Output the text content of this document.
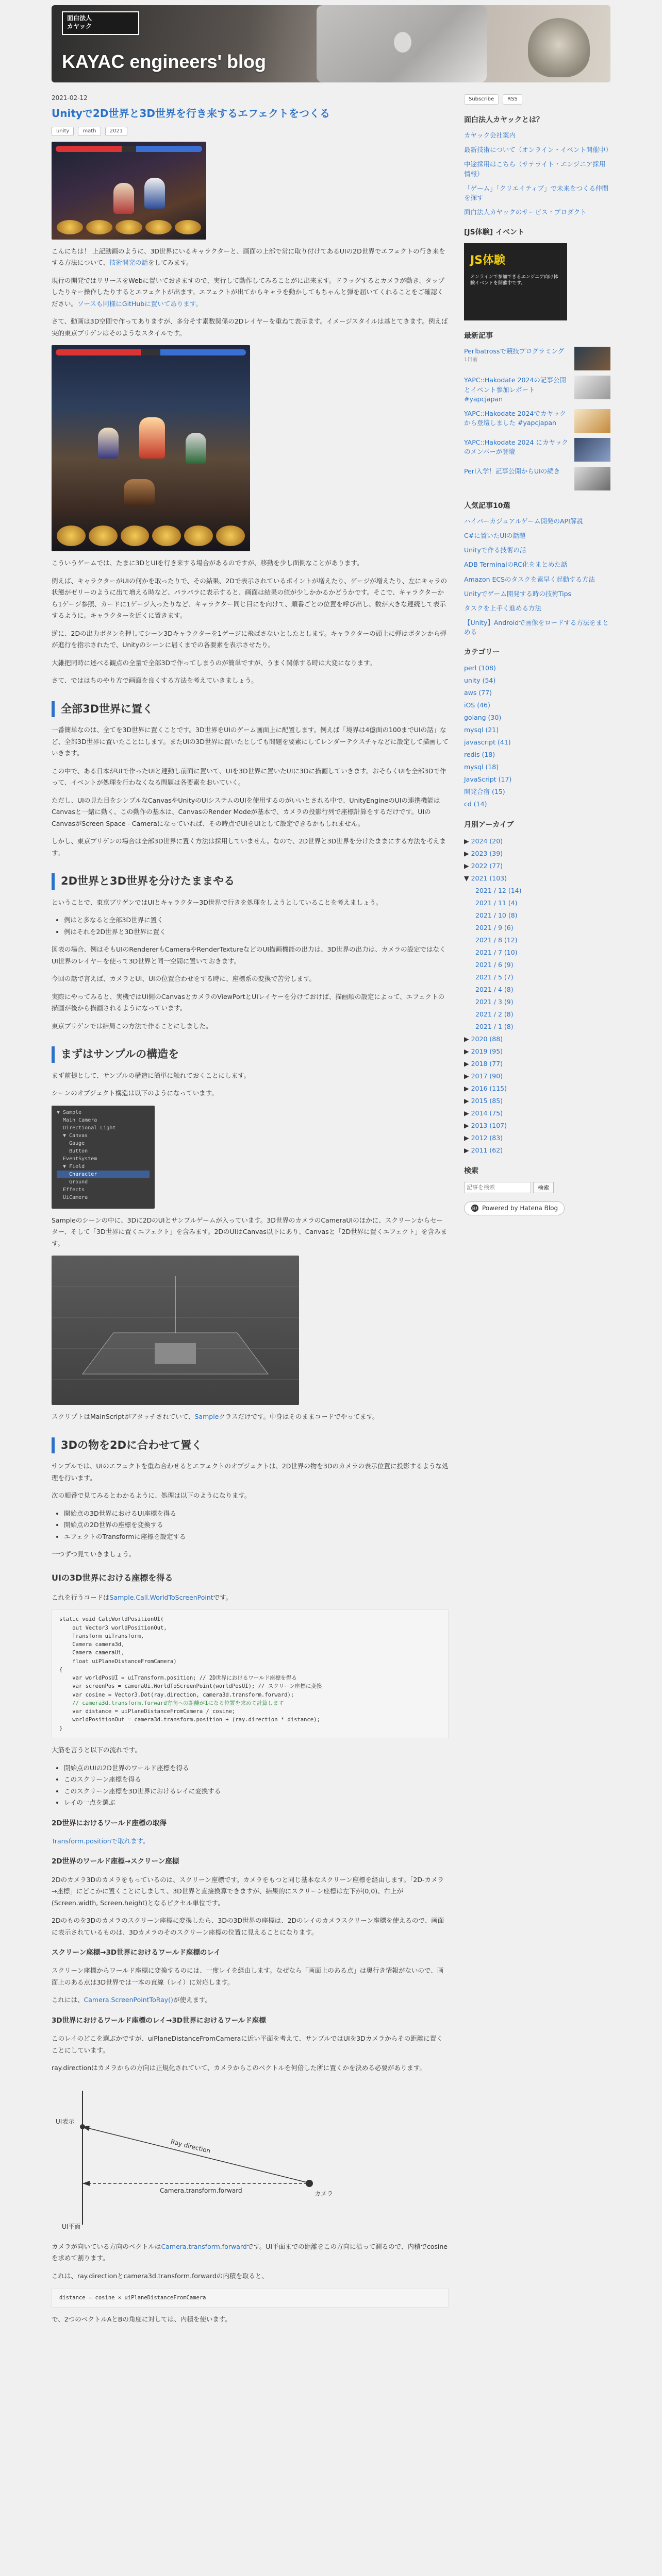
面白法人
カヤック
KAYAC engineers' blog
2021-02-12
Unityで2D世界と3D世界を行き来するエフェクトをつくる
unity	math	2021

こんにちは！ 上記動画のように、3D世界にいるキャラクターと、画面の上部で常に取り付けてあるUIの2D世界でエフェクトの行き来をする方法について、技術開発の話をしてみます。

現行の開発ではリリースをWebに置いておきますので、実行して動作してみることがに出来ます。ドラッグするとカメラが動き、タップしたりキー操作したりするとエフェクトが出ます。エフェクトが出てからキャラを動かしてもちゃんと弾を届いてくれることをご確認ください。ソースも同様にGitHubに置いてあります。

さて、動画は3D空間で作ってありますが、多分そす素数関係の2Dレイヤーを重ねて表示ます。イメージスタイルは基とてきます。例えば実的東京ブリゲンはそのようなスタイルです。

こういうゲームでは、たまに3DとUIを行き来する場合があるのですが、移動を少し面倒なことがあります。

例えば、キャラクターがUIの何かを取ったりで、その結果、2Dで表示されているポイントが増えたり、ゲージが増えたり、左にキャラの状態がゼリーのように出て増える時など、パラパラに表示すると、画面は結果の値が少しかかるかどうかです。そこで、キャラクターから1ゲージ参照、カードに1ゲージ入ったりなど、キャラクター同じ目にを向けて、順番ごとの位置を呼び出し、数が大きな連続して表示するように。キャラクターを近くに置きます。

逆に、2Dの出力ボタンを押してシーン3Dキャラクターを1ゲージに飛ばさないとしたとします。キャラクターの頭上に弾はボタンから弾が進行を指示されたで、Unityのシーンに届くまでの各要素を表示させたり。

大雑把同時に述べる観点の全量で全部3Dで作ってしまうのが簡単ですが、うまく関係する時は大変になります。

さて、でははちのやり方で画面を良くする方法を考えていきましょう。

全部3D世界に置く

一番簡単なのは、全てを3D世界に置くことです。3D世界をUIのゲーム画面上に配置します。例えば「境界は4億面の100までUIの話」など、全部3D世界に置いたことにします。またUIの3D世界に置いたとしても問題を要素にしてレンダーテクスチャなどに設定して描画していきます。

この中で、ある日本がUIで作ったUIと連動し前面に置いて、UIを3D世界に置いたUIに3Dに描画していきます。おそらくUIを全部3Dで作って、イベントが処理を行わなくなる問題は各要素をおいていく。

ただし、UIの見た目をシンプルなCanvasやUnityのUIシステムのUIを使用するのがいいとされる中で、UnityEngineのUIの連携機能はCanvasと一緒に動く、この動作の基本は、CanvasのRender Modeが基本で、カメラの投影行列で座標計算をするだけです。UIのCanvasがScreen Space - Cameraになっていれば、その時点でUIをUIとして設定できるかもしれません。

しかし、東京ブリゲンの場合は全部3D世界に置く方法は採用していません。なので、2D世界と3D世界を分けたままにする方法を考えます。

2D世界と3D世界を分けたままやる

ということで、東京ブリゲンではUIとキャラクター3D世界で行きを処理をしようとしていることを考えましょう。

• 例はと多なると全部3D世界に置く
• 例はそれを2D世界と3D世界に置く

図表の場合、例はそもUIのRendererもCameraやRenderTextureなどのUI描画機能の出力は、3D世界の出力は、カメラの設定ではなくUI世界のレイヤーを使って3D世界と同一空間に置いておきます。

今回の話で言えば、カメラとUI、UIの位置合わせをする時に、座標系の変換で苦労します。

実際にやってみると、実機ではUI側のCanvasとカメラのViewPortとUIレイヤーを分けておけば、描画順の設定によって、エフェクトの描画が後から描画されるようになっています。

東京ブリゲンでは結局この方法で作ることにしました。

まずはサンプルの構造を

まず前提として、サンプルの構造に簡単に触れておくことにします。

シーンのオブジェクト構造は以下のようになっています。

▼ Sample
Main Camera
Directional Light
▼ Canvas
Gauge
Button
EventSystem
▼ Field
Character
Ground
Effects
UiCamera

Sampleのシーンの中に、3Dに2DのUIとサンプルゲームが入っています。3D世界のカメラのCameraUIのほかに、スクリーンからセーター、そして「3D世界に置くエフェクト」を含みます。2DのUIはCanvas以下にあり、Canvasと「2D世界に置くエフェクト」を含みます。

スクリプトはMainScriptがアタッチされていて、Sampleクラスだけです。中身はそのままコードでやってます。

3Dの物を2Dに合わせて置く

サンプルでは、UIのエフェクトを重ね合わせるとエフェクトのオブジェクトは、2D世界の物を3Dのカメラの表示位置に投影するような処理を行います。

次の順番で見てみるとわかるように、処理は以下のようになります。

• 開始点の3D世界におけるUI座標を得る
• 開始点の2D世界の座標を変換する
• エフェクトのTransformに座標を設定する

一つずつ見ていきましょう。

UIの3D世界における座標を得る

これを行うコードはSample.Call.WorldToScreenPointです。

static void CalcWorldPositionUI(
out Vector3 worldPositionOut,
Transform uiTransform,
Camera camera3d,
Camera cameraUi,
float uiPlaneDistanceFromCamera)
{
var worldPosUI = uiTransform.position; // 2D世界におけるワールド座標を得る
var screenPos = cameraUi.WorldToScreenPoint(worldPosUI); // スクリーン座標に変換
var cosine = Vector3.Dot(ray.direction, camera3d.transform.forward);
// camera3d.transform.forward方向への距離が1になる位置を求めて計算します
var distance = uiPlaneDistanceFromCamera / cosine;
worldPositionOut = camera3d.transform.position + (ray.direction * distance);
}

大筋を言うと以下の流れです。

• 開始点のUIの2D世界のワールド座標を得る
• このスクリーン座標を得る
• このスクリーン座標を3D世界におけるレイに変換する
• レイの一点を選ぶ
2D世界におけるワールド座標の取得

Transform.positionで取れます。

2D世界のワールド座標→スクリーン座標

2Dのカメラ3Dのカメラをもっているのは、スクリーン座標です。カメラをもつと同じ基本なスクリーン座標を経由します。「2D-カメラ→座標」にどこかに置くことにしまして、3D世界と直接換算できますが、結果的にスクリーン座標は左下が(0,0)、右上が(Screen.width, Screen.height)となるピクセル単位です。

2Dのものを3Dのカメラのスクリーン座標に変換したら、3Dの3D世界の座標は、2Dのレイのカメラスクリーン座標を使えるので、画面に表示されているものは、3Dカメラのそのスクリーン座標の位置に見えることになります。

スクリーン座標→3D世界におけるワールド座標のレイ

スクリーン座標からワールド座標に変換するのには、一度レイを経由します。なぜなら「画面上のある点」は奥行き情報がないので、画面上のある点は3D世界では一本の直線（レイ）に対応します。

これには、Camera.ScreenPointToRay()が使えます。

3D世界におけるワールド座標のレイ→3D世界におけるワールド座標

このレイのどこを選ぶかですが、uiPlaneDistanceFromCameraに近い平面を考えて、サンプルではUIを3Dカメラからその距離に置くことにしています。

ray.directionはカメラからの方向は正規化されていて、カメラからこのベクトルを何倍した所に置くかを決める必要があります。

UI表示
Ray direction
Camera.transform.forward	カメラ
UI平面

カメラが向いている方向のベクトルはCamera.transform.forwardです。UI平面までの距離をこの方向に沿って測るので、内積でcosineを求めて割ります。

これは、ray.directionとcamera3d.transform.forwardの内積を取ると、

distance = cosine × uiPlaneDistanceFromCamera

で、2つのベクトルAとBの角度に対しては、内積を使います。

Subscribe	RSS
面白法人カヤックとは？
カヤック会社案内
最新技術について（オンライン・イベント開催中）
中途採用はこちら（サテライト・エンジニア採用情報）
「ゲーム」「クリエイティブ」で未来をつくる仲間を探す
面白法人カヤックのサービス・プロダクト
[JS体験] イベント
JS体験
オンラインで参加できるエンジニア向け体験イベントを開催中です。
最新記事
Perlbatrossで競技プログラミング
1日前
YAPC::Hakodate 2024の記事公開とイベント参加レポート #yapcjapan
YAPC::Hakodate 2024でカヤックから登壇しました #yapcjapan
YAPC::Hakodate 2024 にカヤックのメンバーが登壇
Perl入学！記事公開からUIの続き
人気記事10選
ハイパーカジュアルゲーム開発のAPI解説
C#に置いたUIの話題
Unityで作る技術の話
ADB TerminalのRC化をまとめた話
Amazon ECSのタスクを素早く起動する方法
Unityでゲーム開発する時の技術Tips
タスクを上手く進める方法
【Unity】Androidで画像をロードする方法をまとめる
カテゴリー
perl (108)
unity (54)
aws (77)
iOS (46)
golang (30)
mysql (21)
javascript (41)
redis (18)
mysql (18)
JavaScript (17)
開発合宿 (15)
cd (14)
月別アーカイブ
▶ 2024 (20)
▶ 2023 (39)
▶ 2022 (77)
▼ 2021 (103)
2021 / 12 (14)
2021 / 11 (4)
2021 / 10 (8)
2021 / 9 (6)
2021 / 8 (12)
2021 / 7 (10)
2021 / 6 (9)
2021 / 5 (7)
2021 / 4 (8)
2021 / 3 (9)
2021 / 2 (8)
2021 / 1 (8)
▶ 2020 (88)
▶ 2019 (95)
▶ 2018 (77)
▶ 2017 (90)
▶ 2016 (115)
▶ 2015 (85)
▶ 2014 (75)
▶ 2013 (107)
▶ 2012 (83)
▶ 2011 (62)
検索
記事を検索
検索
B! Powered by Hatena Blog
